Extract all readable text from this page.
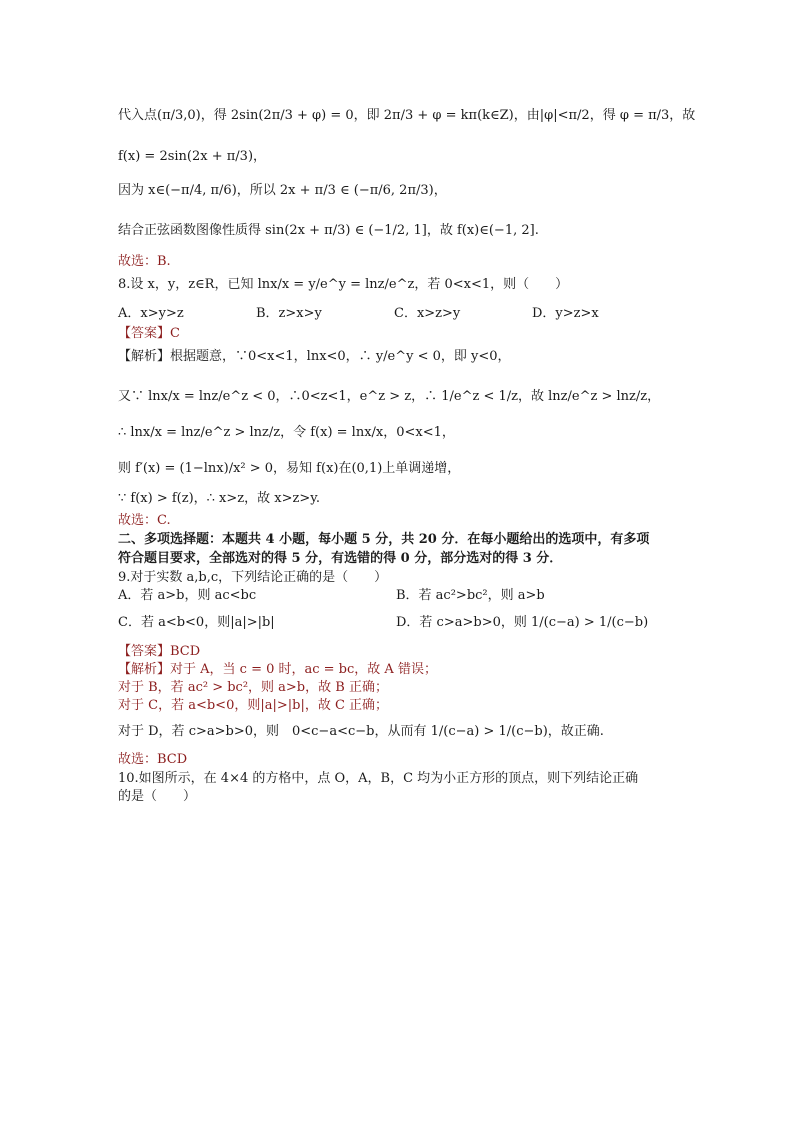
代入点(π/3,0)，得 2sin(2π/3 + φ) = 0，即 2π/3 + φ = kπ(k∈Z)，由|φ|<π/2，得 φ = π/3，故
f(x) = 2sin(2x + π/3)，
因为 x∈(−π/4, π/6)，所以 2x + π/3 ∈ (−π/6, 2π/3)，
结合正弦函数图像性质得 sin(2x + π/3) ∈ (−1/2, 1]，故 f(x)∈(−1, 2].
故选：B.
8.设 x，y，z∈R，已知 lnx/x = y/e^y = lnz/e^z，若 0<x<1，则（　　）
A．x>y>z	B．z>x>y	C．x>z>y	D．y>z>x
【答案】C
【解析】根据题意，∵0<x<1，lnx<0，∴ y/e^y < 0，即 y<0，
又∵ lnx/x = lnz/e^z < 0，∴0<z<1，e^z > z，∴ 1/e^z < 1/z，故 lnz/e^z > lnz/z，
∴ lnx/x = lnz/e^z > lnz/z，令 f(x) = lnx/x，0<x<1，
则 f′(x) = (1−lnx)/x² > 0，易知 f(x)在(0,1)上单调递增，
∵ f(x) > f(z)，∴ x>z，故 x>z>y.
故选：C.
二、多项选择题：本题共 4 小题，每小题 5 分，共 20 分．在每小题给出的选项中，有多项
符合题目要求，全部选对的得 5 分，有选错的得 0 分，部分选对的得 3 分．
9.对于实数 a,b,c，下列结论正确的是（　　）
A．若 a>b，则 ac<bc	B．若 ac²>bc²，则 a>b
C．若 a<b<0，则|a|>|b|	D．若 c>a>b>0，则 1/(c−a) > 1/(c−b)
【答案】BCD
【解析】对于 A，当 c = 0 时，ac = bc，故 A 错误；
对于 B，若 ac² > bc²，则 a>b，故 B 正确；
对于 C，若 a<b<0，则|a|>|b|，故 C 正确；
对于 D，若 c>a>b>0，则　0<c−a<c−b，从而有 1/(c−a) > 1/(c−b)，故正确.
故选：BCD
10.如图所示，在 4×4 的方格中，点 O，A，B，C 均为小正方形的顶点，则下列结论正确
的是（　　）
